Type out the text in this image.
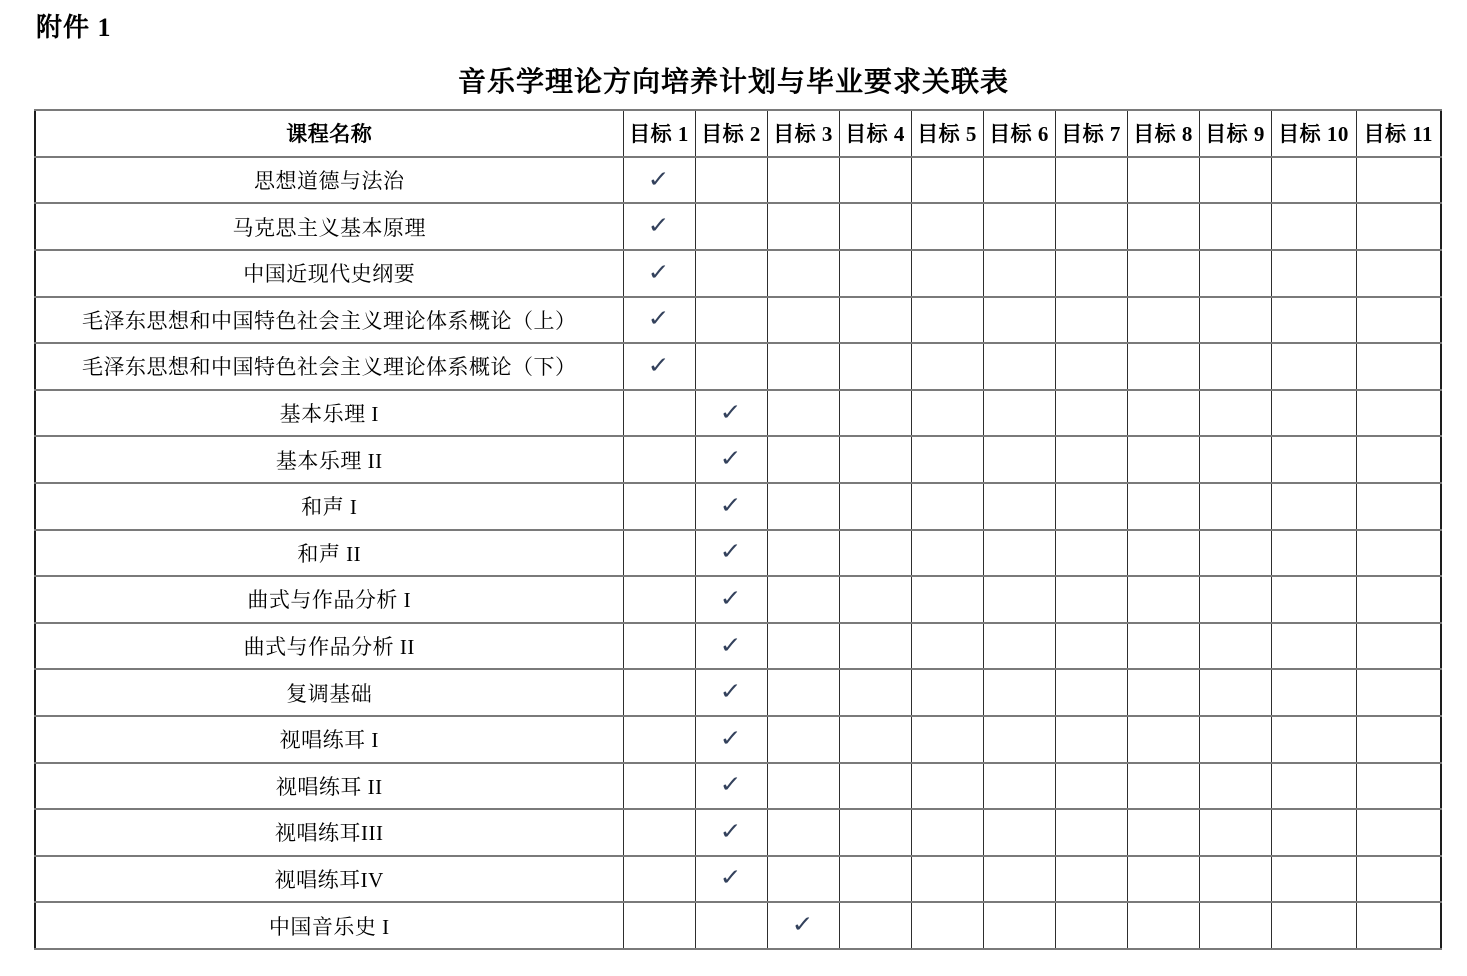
附件 1
音乐学理论方向培养计划与毕业要求关联表
课程名称	目标 1	目标 2	目标 3	目标 4	目标 5	目标 6	目标 7	目标 8	目标 9	目标 10	目标 11
思想道德与法治	✓										
马克思主义基本原理	✓										
中国近现代史纲要	✓										
毛泽东思想和中国特色社会主义理论体系概论（上）	✓										
毛泽东思想和中国特色社会主义理论体系概论（下）	✓										
基本乐理 I		✓									
基本乐理 II		✓									
和声 I		✓									
和声 II		✓									
曲式与作品分析 I		✓									
曲式与作品分析 II		✓									
复调基础		✓									
视唱练耳 I		✓									
视唱练耳 II		✓									
视唱练耳III		✓									
视唱练耳IV		✓									
中国音乐史 I			✓								
